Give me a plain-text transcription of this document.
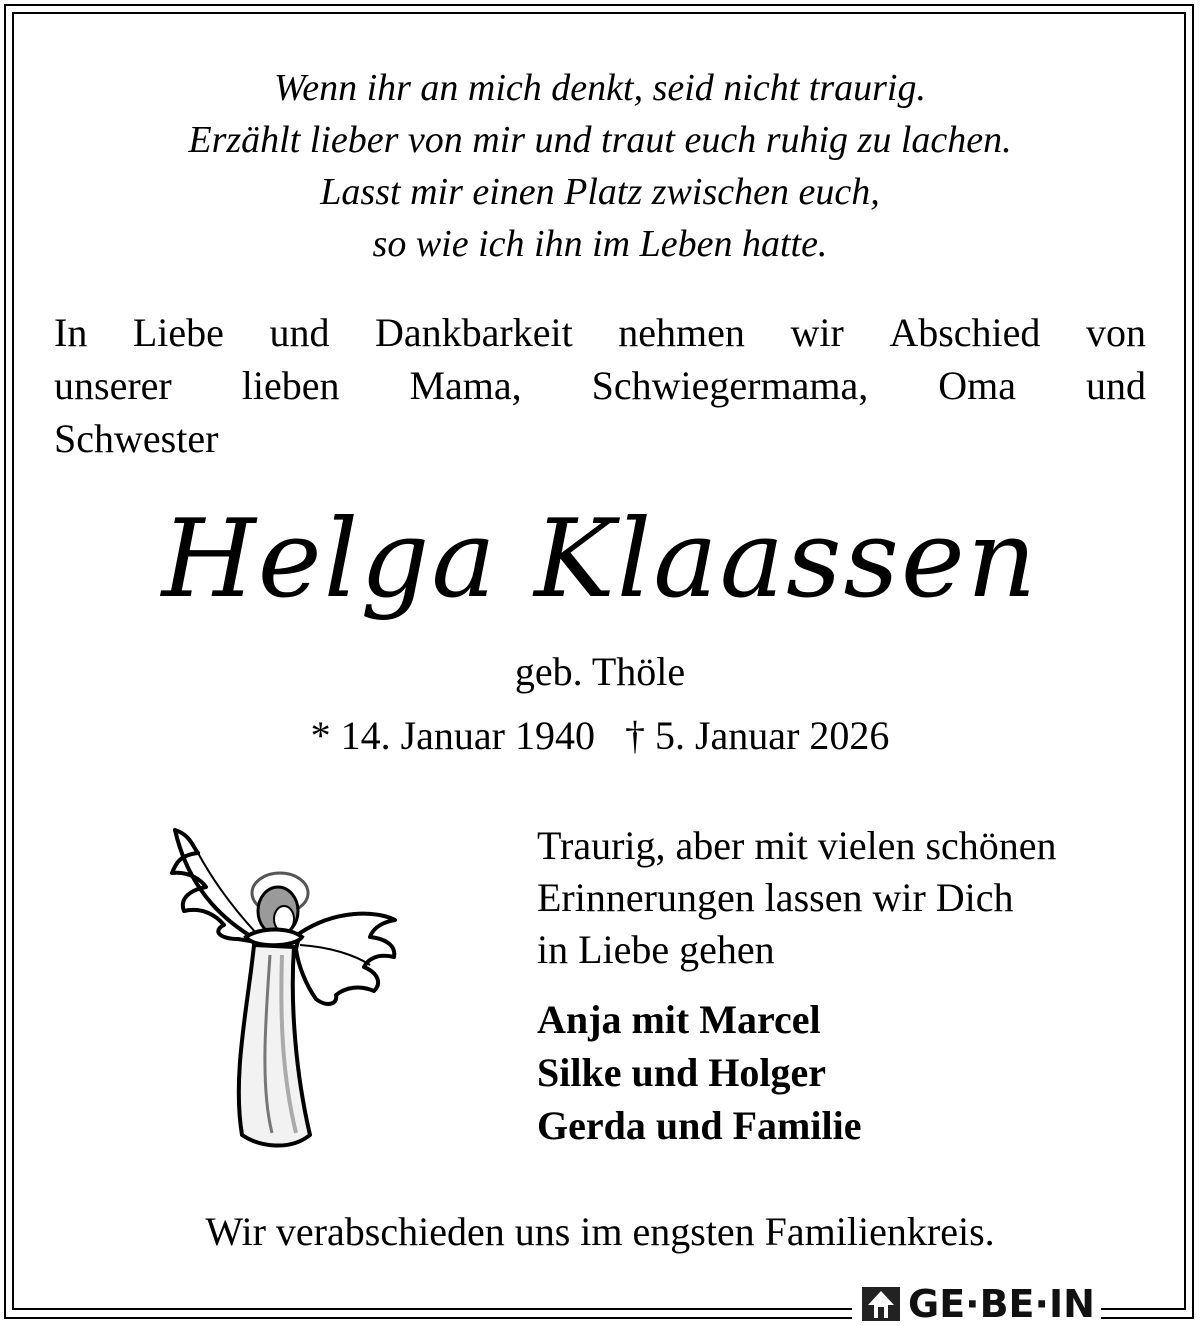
Wenn ihr an mich denkt, seid nicht traurig.
Erzählt lieber von mir und traut euch ruhig zu lachen.
Lasst mir einen Platz zwischen euch,
so wie ich ihn im Leben hatte.
In Liebe und Dankbarkeit nehmen wir Abschied von
unserer lieben Mama, Schwiegermama, Oma und
Schwester
Helga Klaassen
geb. Thöle
* 14. Januar 1940   † 5. Januar 2026
Traurig, aber mit vielen schönen
Erinnerungen lassen wir Dich
in Liebe gehen
Anja mit Marcel
Silke und Holger
Gerda und Familie
Wir verabschieden uns im engsten Familienkreis.
GE·BE·IN
